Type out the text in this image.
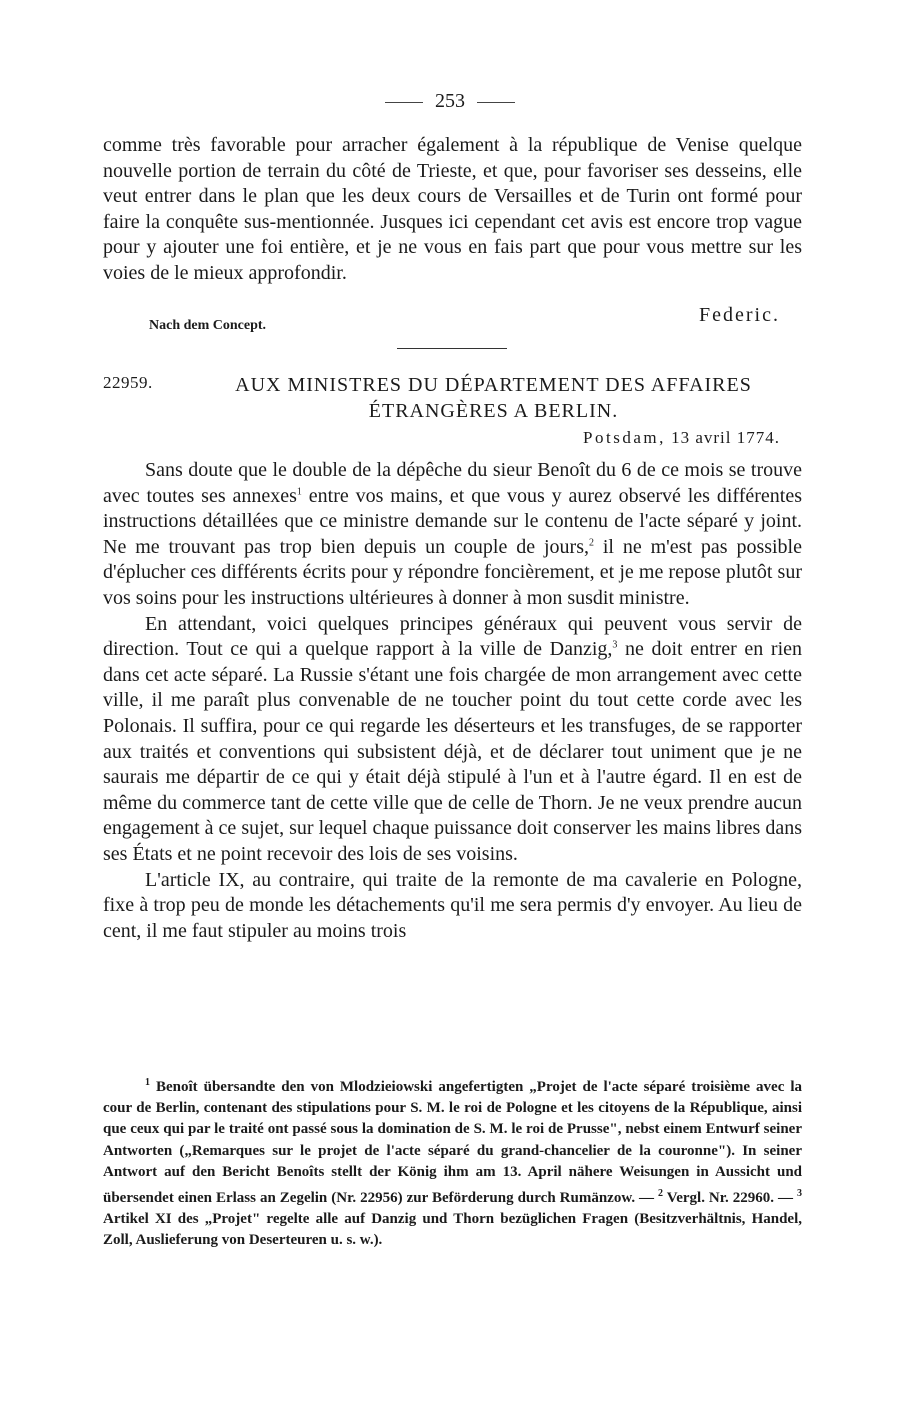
253

comme très favorable pour arracher également à la république de Venise quelque nouvelle portion de terrain du côté de Trieste, et que, pour favoriser ses desseins, elle veut entrer dans le plan que les deux cours de Versailles et de Turin ont formé pour faire la conquête sus-mentionnée. Jusques ici cependant cet avis est encore trop vague pour y ajouter une foi entière, et je ne vous en fais part que pour vous mettre sur les voies de le mieux approfondir.

Federic.
Nach dem Concept.
22959.	AUX MINISTRES DU DÉPARTEMENT DES AFFAIRES
ÉTRANGÈRES A BERLIN.
Potsdam, 13 avril 1774.

Sans doute que le double de la dépêche du sieur Benoît du 6 de ce mois se trouve avec toutes ses annexes$^1$ entre vos mains, et que vous y aurez observé les différentes instructions détaillées que ce ministre demande sur le contenu de l'acte séparé y joint. Ne me trouvant pas trop bien depuis un couple de jours,$^2$ il ne m'est pas possible d'éplucher ces différents écrits pour y répondre foncièrement, et je me repose plutôt sur vos soins pour les instructions ultérieures à donner à mon susdit ministre.

En attendant, voici quelques principes généraux qui peuvent vous servir de direction. Tout ce qui a quelque rapport à la ville de Danzig,$^3$ ne doit entrer en rien dans cet acte séparé. La Russie s'étant une fois chargée de mon arrangement avec cette ville, il me paraît plus convenable de ne toucher point du tout cette corde avec les Polonais. Il suffira, pour ce qui regarde les déserteurs et les transfuges, de se rapporter aux traités et conventions qui subsistent déjà, et de déclarer tout uniment que je ne saurais me départir de ce qui y était déjà stipulé à l'un et à l'autre égard. Il en est de même du commerce tant de cette ville que de celle de Thorn. Je ne veux prendre aucun engagement à ce sujet, sur lequel chaque puissance doit conserver les mains libres dans ses États et ne point recevoir des lois de ses voisins.

L'article IX, au contraire, qui traite de la remonte de ma cavalerie en Pologne, fixe à trop peu de monde les détachements qu'il me sera permis d'y envoyer. Au lieu de cent, il me faut stipuler au moins trois

$^1$ Benoît übersandte den von Mlodzieiowski angefertigten „Projet de l'acte séparé troisième avec la cour de Berlin, contenant des stipulations pour S. M. le roi de Pologne et les citoyens de la République, ainsi que ceux qui par le traité ont passé sous la domination de S. M. le roi de Prusse", nebst einem Entwurf seiner Antworten („Remarques sur le projet de l'acte séparé du grand-chancelier de la couronne"). In seiner Antwort auf den Bericht Benoîts stellt der König ihm am 13. April nähere Weisungen in Aussicht und übersendet einen Erlass an Zegelin (Nr. 22956) zur Beförderung durch Rumänzow. — $^2$ Vergl. Nr. 22960. — $^3$ Artikel XI des „Projet" regelte alle auf Danzig und Thorn bezüglichen Fragen (Besitzverhältnis, Handel, Zoll, Auslieferung von Deserteuren u. s. w.).
